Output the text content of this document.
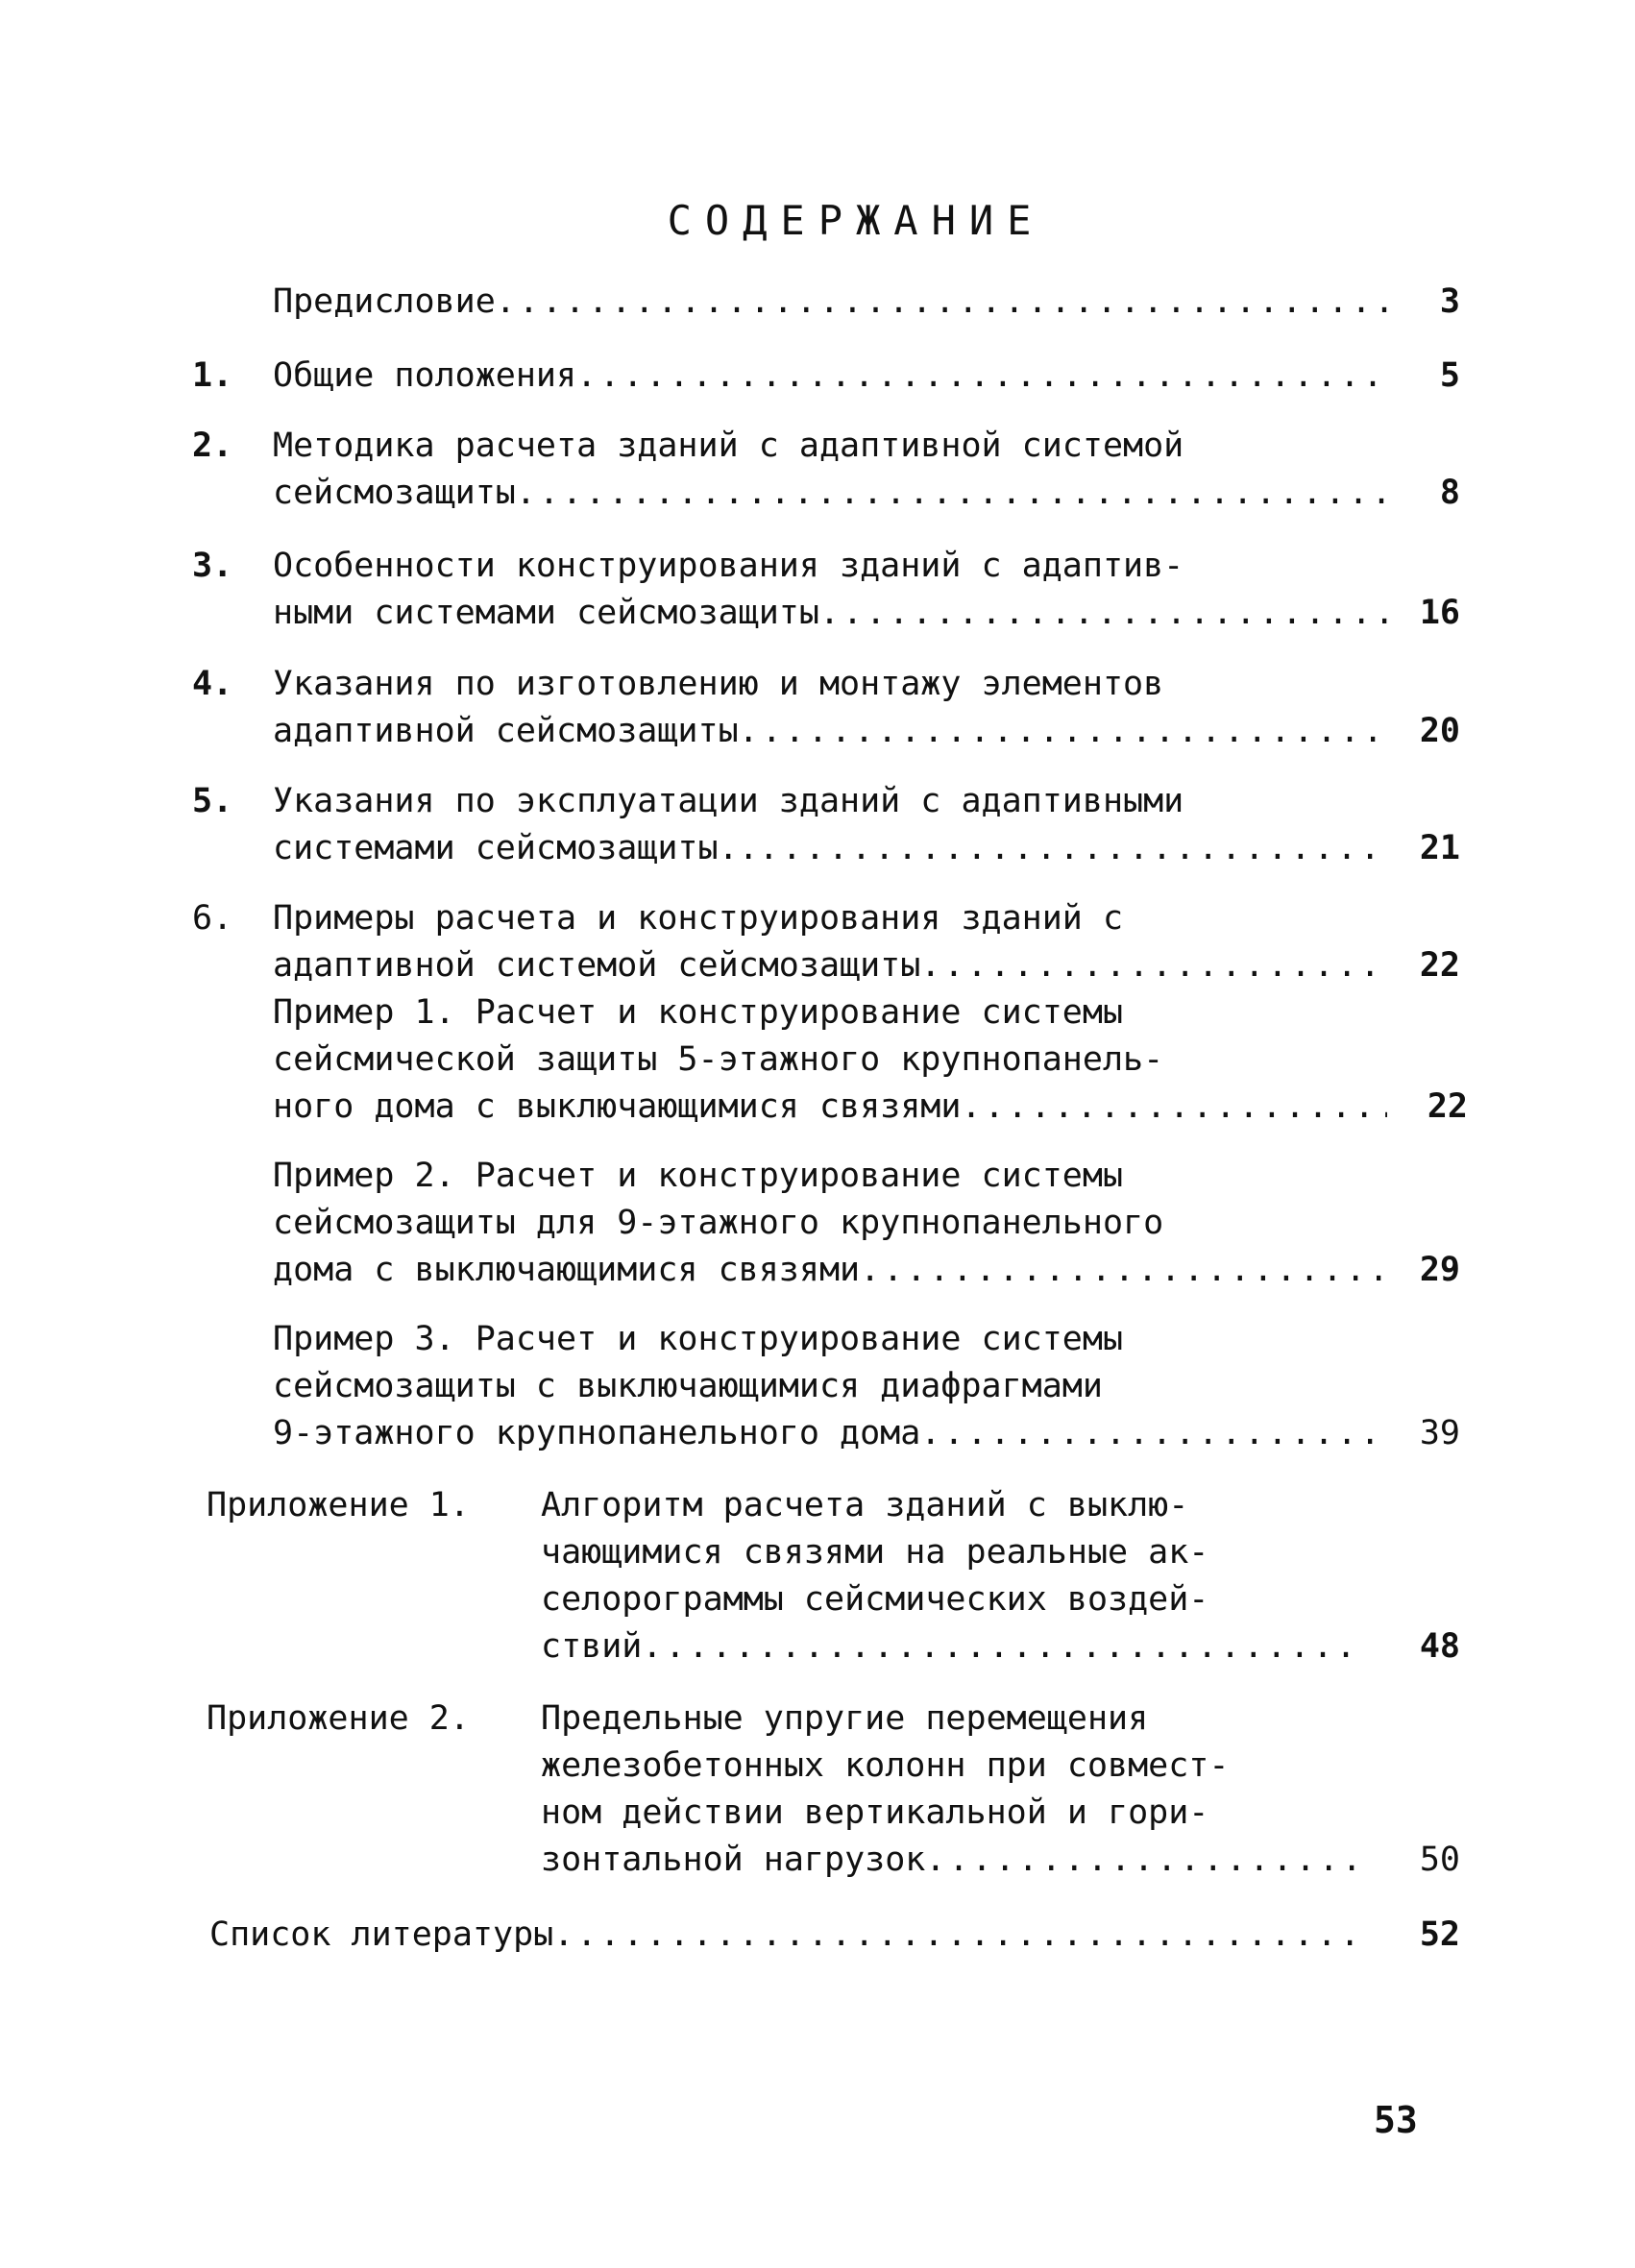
СОДЕРЖАНИЕ
Предисловие .....	3
1. Общие положения .....	5
2. Методика расчета зданий с адаптивной системой
сейсмозащиты .....	8
3. Особенности конструирования зданий с адаптив-
ными системами сейсмозащиты .....	16
4. Указания по изготовлению и монтажу элементов
адаптивной сейсмозащиты .....	20
5. Указания по эксплуатации зданий с адаптивными
системами сейсмозащиты.. .....	21
6. Примеры расчета и конструирования зданий с
адаптивной системой сейсмозащиты .....	22
Пример 1. Расчет и конструирование системы
сейсмической защиты 5-этажного крупнопанель-
ного дома с выключающимися связями .....	22
Пример 2. Расчет и конструирование системы
сейсмозащиты для 9-этажного крупнопанельного
дома с выключающимися связями .....	29
Пример 3. Расчет и конструирование системы
сейсмозащиты с выключающимися диафрагмами
9-этажного крупнопанельного дома .....	39
Приложение 1. Алгоритм расчета зданий с выклю-
чающимися связями на реальные ак-
селорограммы сейсмических воздей-
ствий .....	48
Приложение 2. Предельные упругие перемещения
железобетонных колонн при совмест-
ном действии вертикальной и гори-
зонтальной нагрузок .....	50
Список литературы .....	52
53
